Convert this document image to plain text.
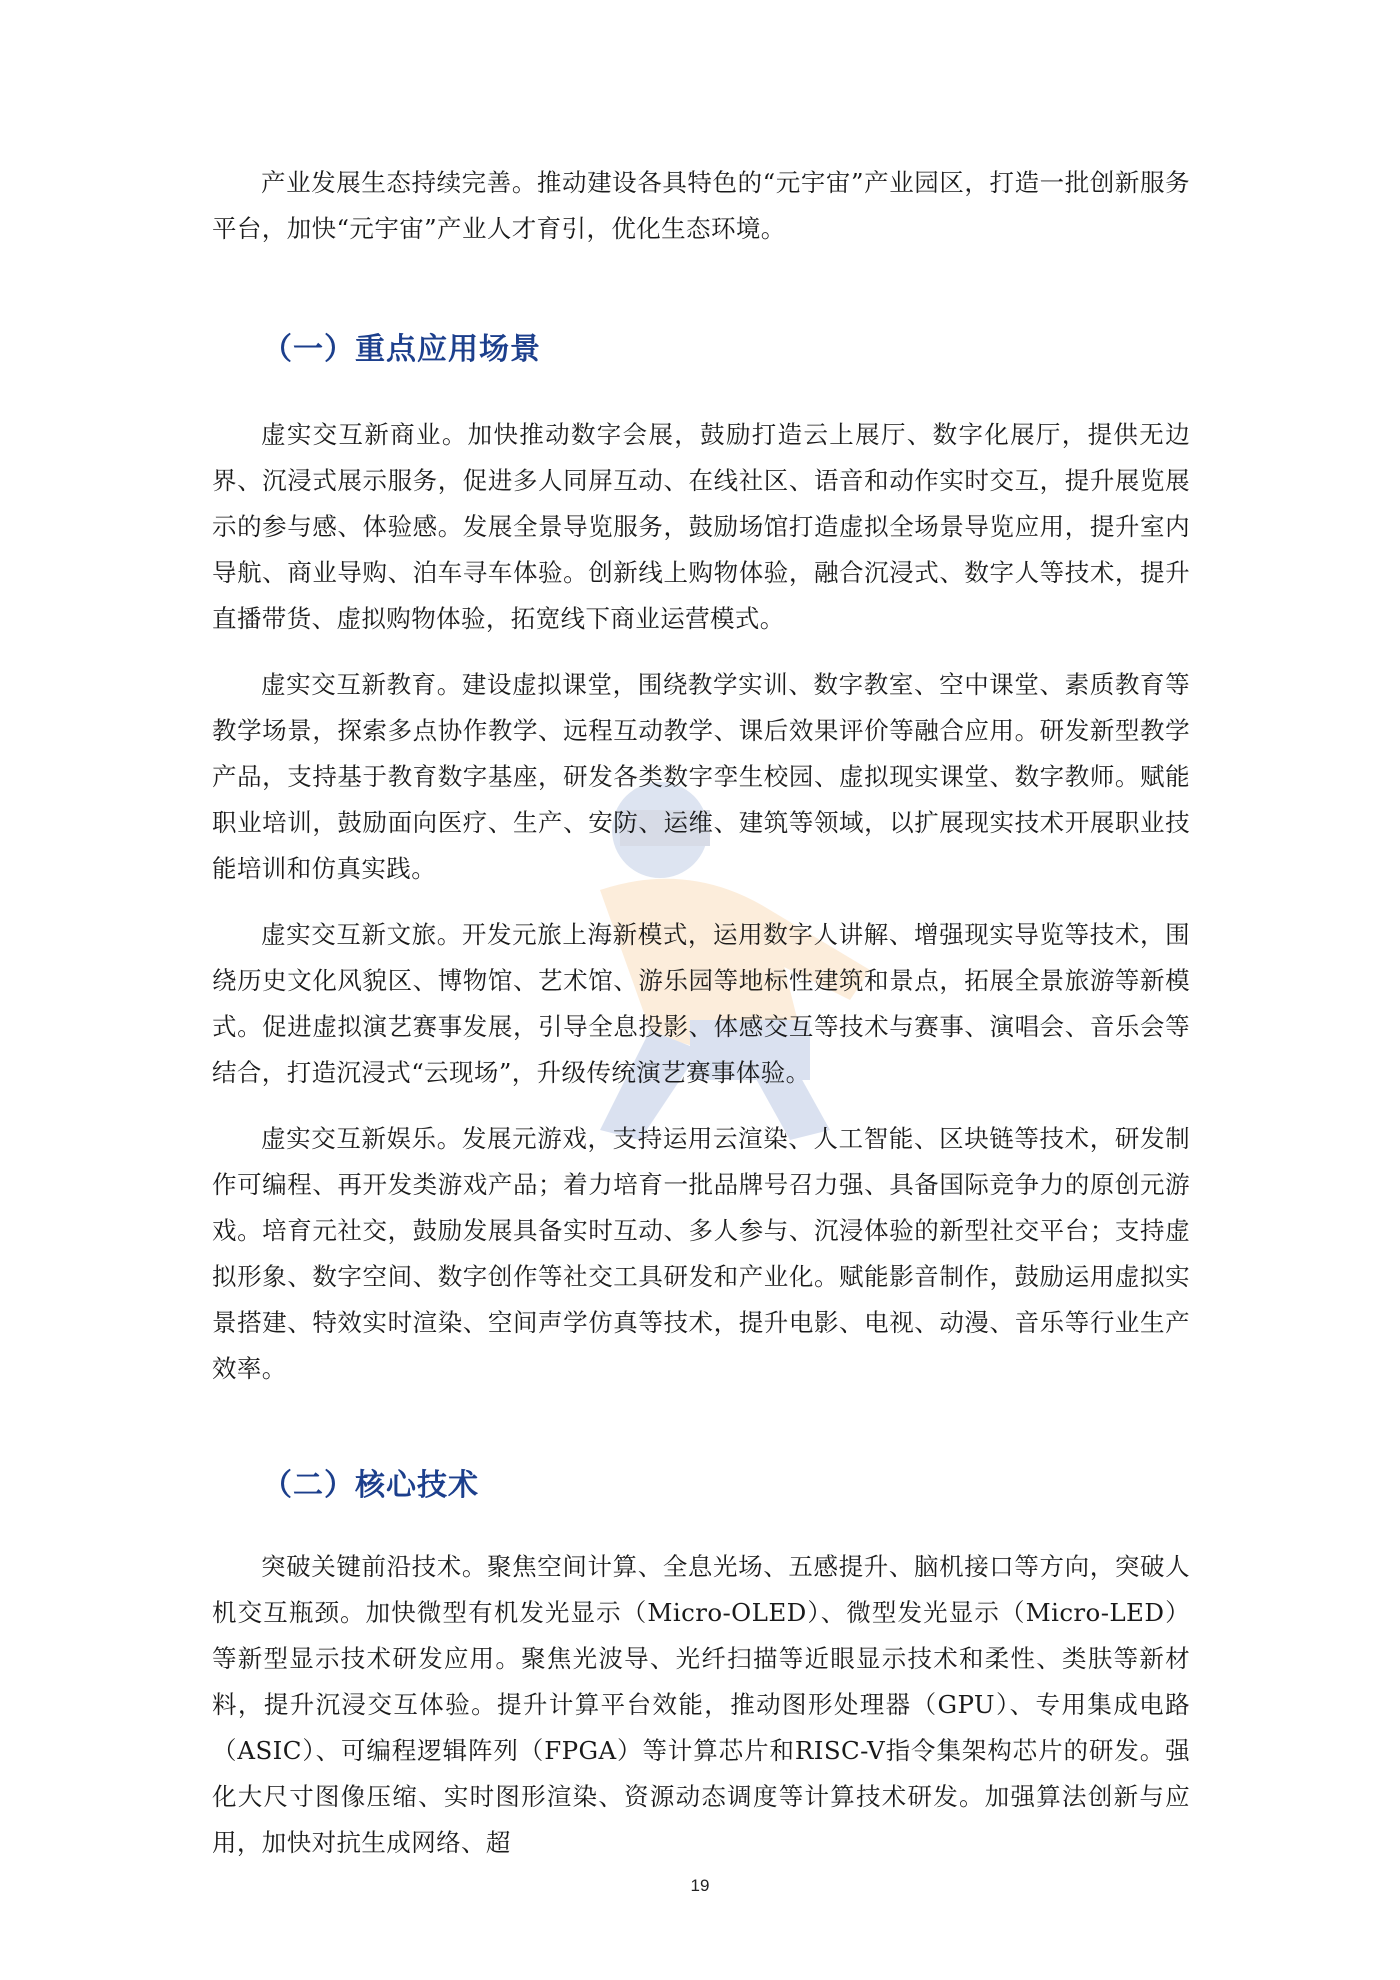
产业发展生态持续完善。推动建设各具特色的“元宇宙”产业园区，打造一批创新服务平台，加快“元宇宙”产业人才育引，优化生态环境。

（一）重点应用场景

虚实交互新商业。加快推动数字会展，鼓励打造云上展厅、数字化展厅，提供无边界、沉浸式展示服务，促进多人同屏互动、在线社区、语音和动作实时交互，提升展览展示的参与感、体验感。发展全景导览服务，鼓励场馆打造虚拟全场景导览应用，提升室内导航、商业导购、泊车寻车体验。创新线上购物体验，融合沉浸式、数字人等技术，提升直播带货、虚拟购物体验，拓宽线下商业运营模式。

虚实交互新教育。建设虚拟课堂，围绕教学实训、数字教室、空中课堂、素质教育等教学场景，探索多点协作教学、远程互动教学、课后效果评价等融合应用。研发新型教学产品，支持基于教育数字基座，研发各类数字孪生校园、虚拟现实课堂、数字教师。赋能职业培训，鼓励面向医疗、生产、安防、运维、建筑等领域，以扩展现实技术开展职业技能培训和仿真实践。

虚实交互新文旅。开发元旅上海新模式，运用数字人讲解、增强现实导览等技术，围绕历史文化风貌区、博物馆、艺术馆、游乐园等地标性建筑和景点，拓展全景旅游等新模式。促进虚拟演艺赛事发展，引导全息投影、体感交互等技术与赛事、演唱会、音乐会等结合，打造沉浸式“云现场”，升级传统演艺赛事体验。

虚实交互新娱乐。发展元游戏，支持运用云渲染、人工智能、区块链等技术，研发制作可编程、再开发类游戏产品；着力培育一批品牌号召力强、具备国际竞争力的原创元游戏。培育元社交，鼓励发展具备实时互动、多人参与、沉浸体验的新型社交平台；支持虚拟形象、数字空间、数字创作等社交工具研发和产业化。赋能影音制作，鼓励运用虚拟实景搭建、特效实时渲染、空间声学仿真等技术，提升电影、电视、动漫、音乐等行业生产效率。

（二）核心技术

突破关键前沿技术。聚焦空间计算、全息光场、五感提升、脑机接口等方向，突破人机交互瓶颈。加快微型有机发光显示（Micro-OLED）、微型发光显示（Micro-LED）等新型显示技术研发应用。聚焦光波导、光纤扫描等近眼显示技术和柔性、类肤等新材料，提升沉浸交互体验。提升计算平台效能，推动图形处理器（GPU）、专用集成电路（ASIC）、可编程逻辑阵列（FPGA）等计算芯片和RISC-V指令集架构芯片的研发。强化大尺寸图像压缩、实时图形渲染、资源动态调度等计算技术研发。加强算法创新与应用，加快对抗生成网络、超

19
